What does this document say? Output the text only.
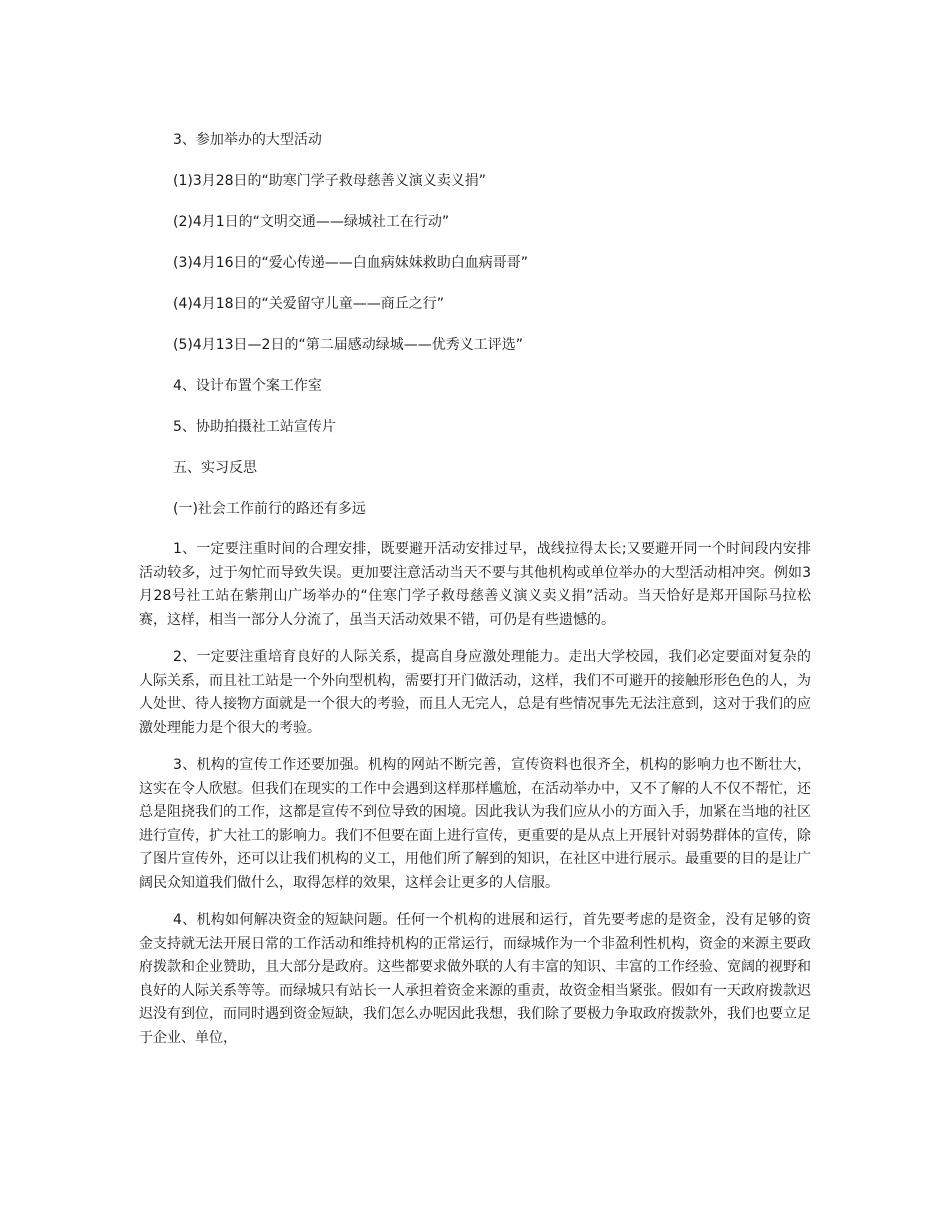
3、参加举办的大型活动

(1)3月28日的“助寒门学子救母慈善义演义卖义捐”

(2)4月1日的“文明交通——绿城社工在行动”

(3)4月16日的“爱心传递——白血病妹妹救助白血病哥哥”

(4)4月18日的“关爱留守儿童——商丘之行”

(5)4月13日—2日的“第二届感动绿城——优秀义工评选”

4、设计布置个案工作室

5、协助拍摄社工站宣传片

五、实习反思

(一)社会工作前行的路还有多远

1、一定要注重时间的合理安排，既要避开活动安排过早，战线拉得太长;又要避开同一个时间段内安排活动较多，过于匆忙而导致失误。更加要注意活动当天不要与其他机构或单位举办的大型活动相冲突。例如3月28号社工站在紫荆山广场举办的“住寒门学子救母慈善义演义卖义捐”活动。当天恰好是郑开国际马拉松赛，这样，相当一部分人分流了，虽当天活动效果不错，可仍是有些遗憾的。

2、一定要注重培育良好的人际关系，提高自身应激处理能力。走出大学校园，我们必定要面对复杂的人际关系，而且社工站是一个外向型机构，需要打开门做活动，这样，我们不可避开的接触形形色色的人，为人处世、待人接物方面就是一个很大的考验，而且人无完人，总是有些情况事先无法注意到，这对于我们的应激处理能力是个很大的考验。

3、机构的宣传工作还要加强。机构的网站不断完善，宣传资料也很齐全，机构的影响力也不断壮大，这实在令人欣慰。但我们在现实的工作中会遇到这样那样尴尬，在活动举办中，又不了解的人不仅不帮忙，还总是阻挠我们的工作，这都是宣传不到位导致的困境。因此我认为我们应从小的方面入手，加紧在当地的社区进行宣传，扩大社工的影响力。我们不但要在面上进行宣传，更重要的是从点上开展针对弱势群体的宣传，除了图片宣传外，还可以让我们机构的义工，用他们所了解到的知识，在社区中进行展示。最重要的目的是让广阔民众知道我们做什么，取得怎样的效果，这样会让更多的人信服。

4、机构如何解决资金的短缺问题。任何一个机构的进展和运行，首先要考虑的是资金，没有足够的资金支持就无法开展日常的工作活动和维持机构的正常运行，而绿城作为一个非盈利性机构，资金的来源主要政府拨款和企业赞助，且大部分是政府。这些都要求做外联的人有丰富的知识、丰富的工作经验、宽阔的视野和良好的人际关系等等。而绿城只有站长一人承担着资金来源的重责，故资金相当紧张。假如有一天政府拨款迟迟没有到位，而同时遇到资金短缺，我们怎么办呢因此我想，我们除了要极力争取政府拨款外，我们也要立足于企业、单位，
